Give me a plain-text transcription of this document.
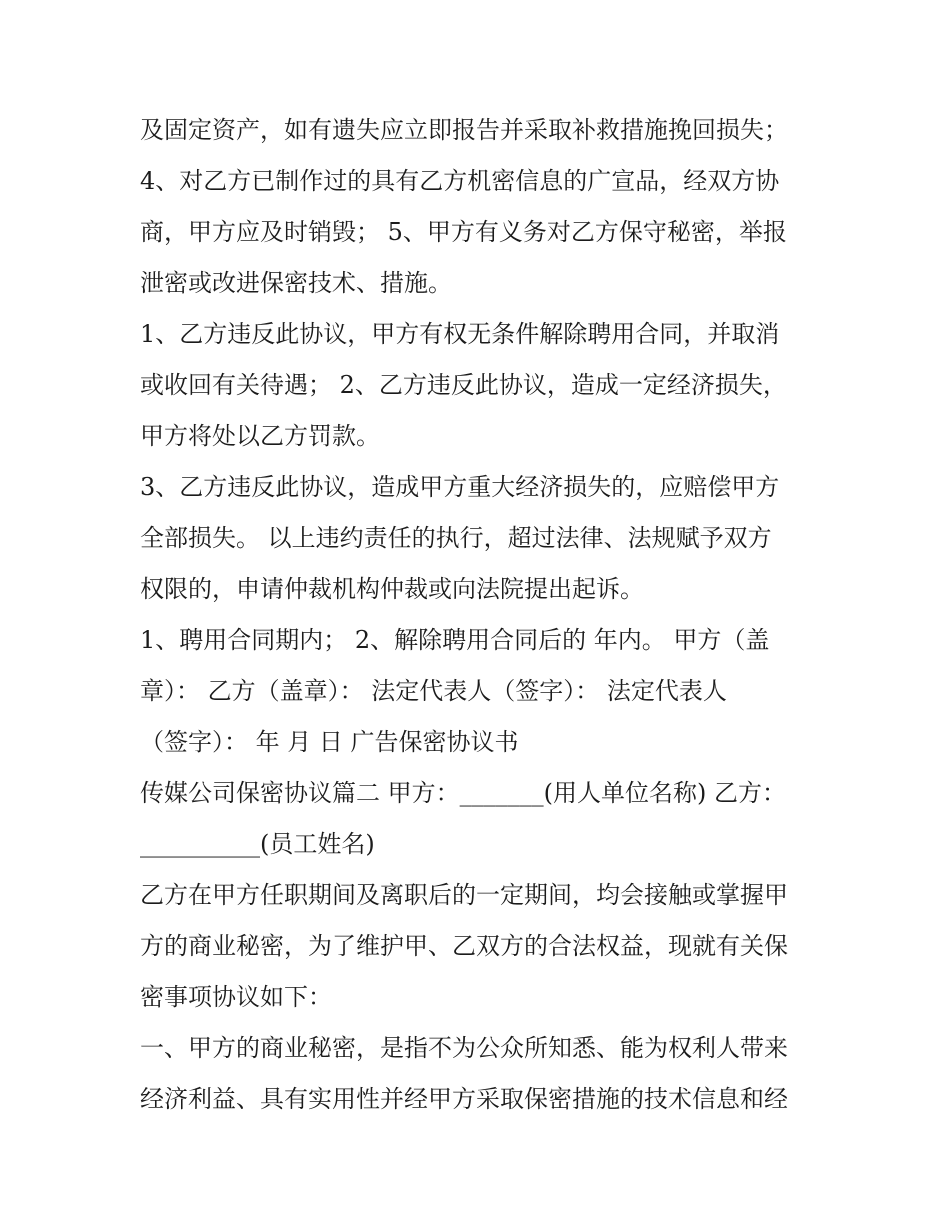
及固定资产，如有遗失应立即报告并采取补救措施挽回损失；
4、对乙方已制作过的具有乙方机密信息的广宣品，经双方协
商，甲方应及时销毁； 5、甲方有义务对乙方保守秘密，举报
泄密或改进保密技术、措施。
1、乙方违反此协议，甲方有权无条件解除聘用合同，并取消
或收回有关待遇； 2、乙方违反此协议，造成一定经济损失，
甲方将处以乙方罚款。
3、乙方违反此协议，造成甲方重大经济损失的，应赔偿甲方
全部损失。 以上违约责任的执行，超过法律、法规赋予双方
权限的，申请仲裁机构仲裁或向法院提出起诉。
1、聘用合同期内； 2、解除聘用合同后的 年内。 甲方（盖
章）： 乙方（盖章）： 法定代表人（签字）： 法定代表人
（签字）： 年 月 日 广告保密协议书
传媒公司保密协议篇二 甲方：_______(用人单位名称) 乙方：
__________(员工姓名)
乙方在甲方任职期间及离职后的一定期间，均会接触或掌握甲
方的商业秘密，为了维护甲、乙双方的合法权益，现就有关保
密事项协议如下：
一、甲方的商业秘密，是指不为公众所知悉、能为权利人带来
经济利益、具有实用性并经甲方采取保密措施的技术信息和经
